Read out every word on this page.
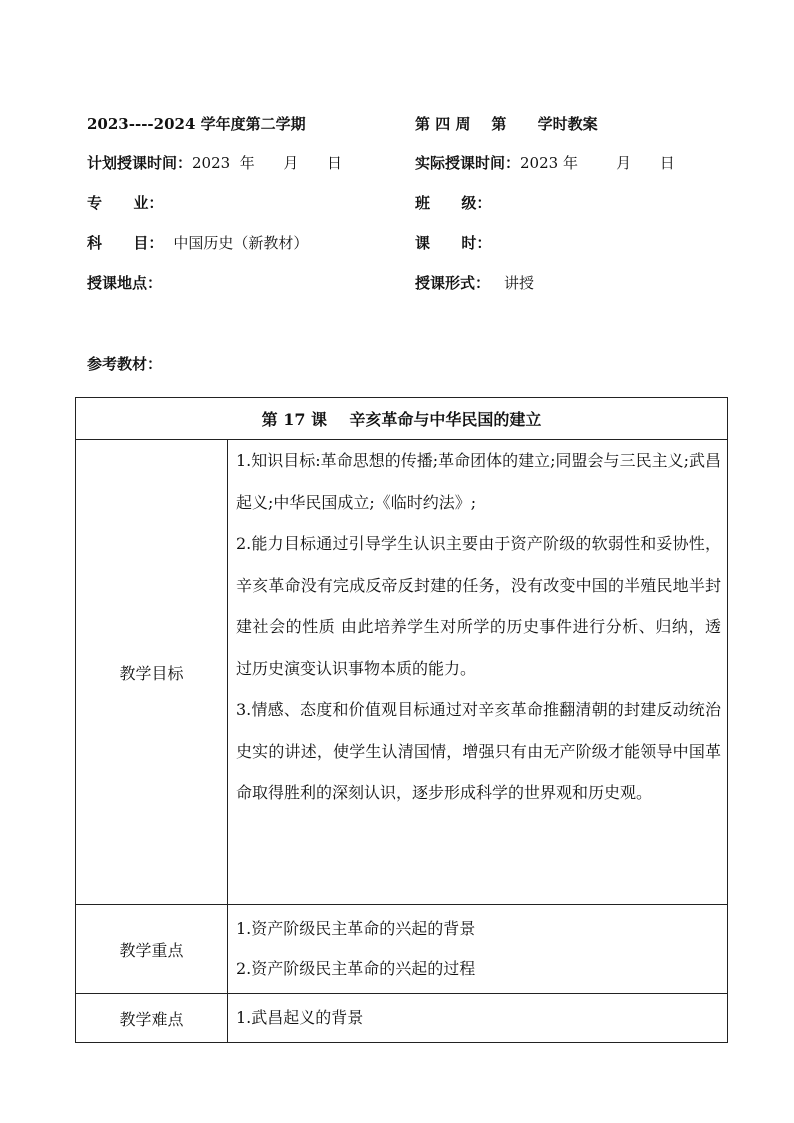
2023----2024 学年度第二学期	第 四 周    第      学时教案
计划授课时间：2023  年      月      日	实际授课时间：2023 年        月      日
专      业：	班      级：
科      目： 中国历史（新教材）	课      时：
授课地点：	授课形式： 讲授
参考教材：
第 17 课    辛亥革命与中华民国的建立	
教学目标	1.知识目标:革命思想的传播;革命团体的建立;同盟会与三民主义;武昌起义;中华民国成立;《临时约法》;

2.能力目标通过引导学生认识主要由于资产阶级的软弱性和妥协性，辛亥革命没有完成反帝反封建的任务，没有改变中国的半殖民地半封建社会的性质 由此培养学生对所学的历史事件进行分析、归纳，透过历史演变认识事物本质的能力。

3.情感、态度和价值观目标通过对辛亥革命推翻清朝的封建反动统治史实的讲述，使学生认清国情，增强只有由无产阶级才能领导中国革命取得胜利的深刻认识，逐步形成科学的世界观和历史观。

教学重点	1.资产阶级民主革命的兴起的背景

2.资产阶级民主革命的兴起的过程

教学难点	1.武昌起义的背景
